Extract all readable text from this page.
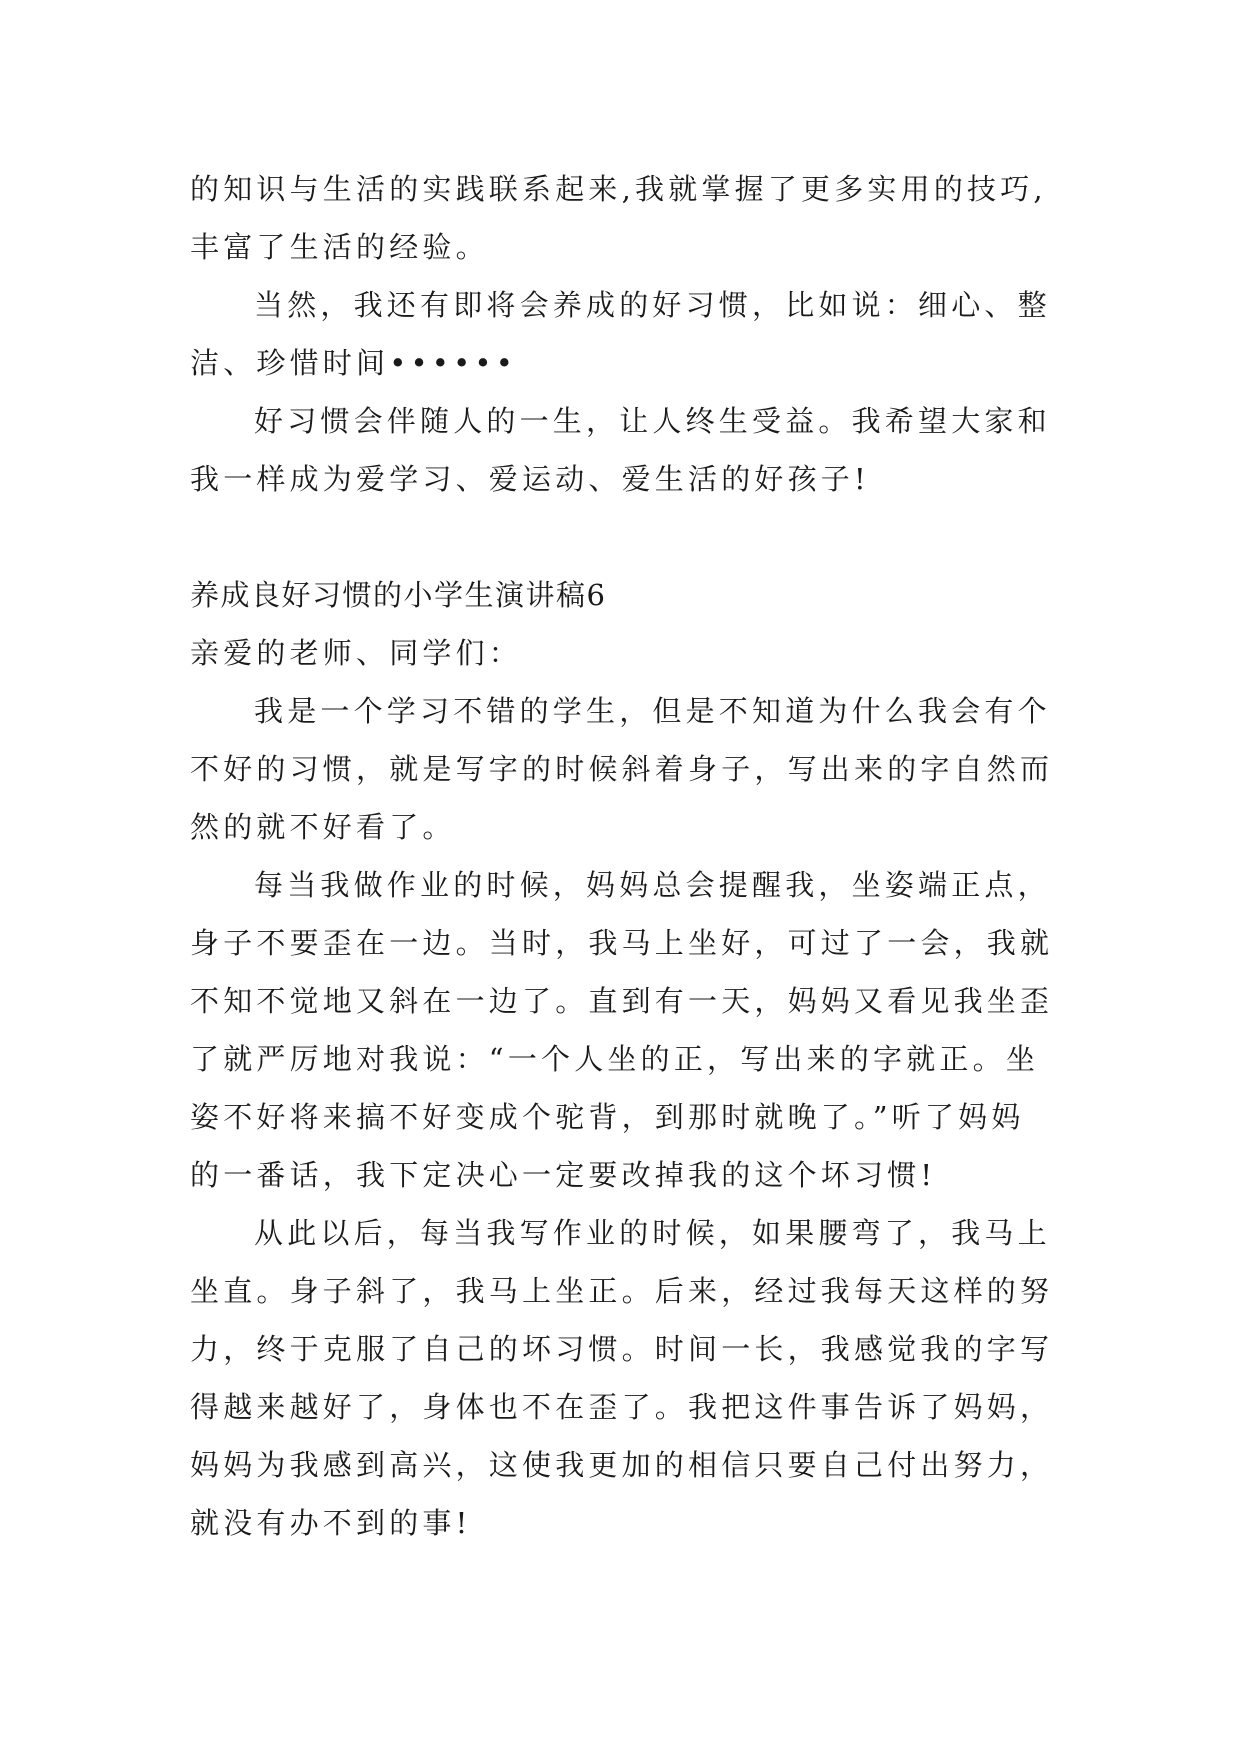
的知识与生活的实践联系起来,我就掌握了更多实用的技巧,
丰富了生活的经验。
当然，我还有即将会养成的好习惯，比如说：细心、整
洁、珍惜时间••••••
好习惯会伴随人的一生，让人终生受益。我希望大家和
我一样成为爱学习、爱运动、爱生活的好孩子!
养成良好习惯的小学生演讲稿6
亲爱的老师、同学们：
我是一个学习不错的学生，但是不知道为什么我会有个
不好的习惯，就是写字的时候斜着身子，写出来的字自然而
然的就不好看了。
每当我做作业的时候，妈妈总会提醒我，坐姿端正点，
身子不要歪在一边。当时，我马上坐好，可过了一会，我就
不知不觉地又斜在一边了。直到有一天，妈妈又看见我坐歪
了就严厉地对我说：“一个人坐的正，写出来的字就正。坐
姿不好将来搞不好变成个驼背，到那时就晚了。”听了妈妈
的一番话，我下定决心一定要改掉我的这个坏习惯!
从此以后，每当我写作业的时候，如果腰弯了，我马上
坐直。身子斜了，我马上坐正。后来，经过我每天这样的努
力，终于克服了自己的坏习惯。时间一长，我感觉我的字写
得越来越好了，身体也不在歪了。我把这件事告诉了妈妈，
妈妈为我感到高兴，这使我更加的相信只要自己付出努力，
就没有办不到的事!
